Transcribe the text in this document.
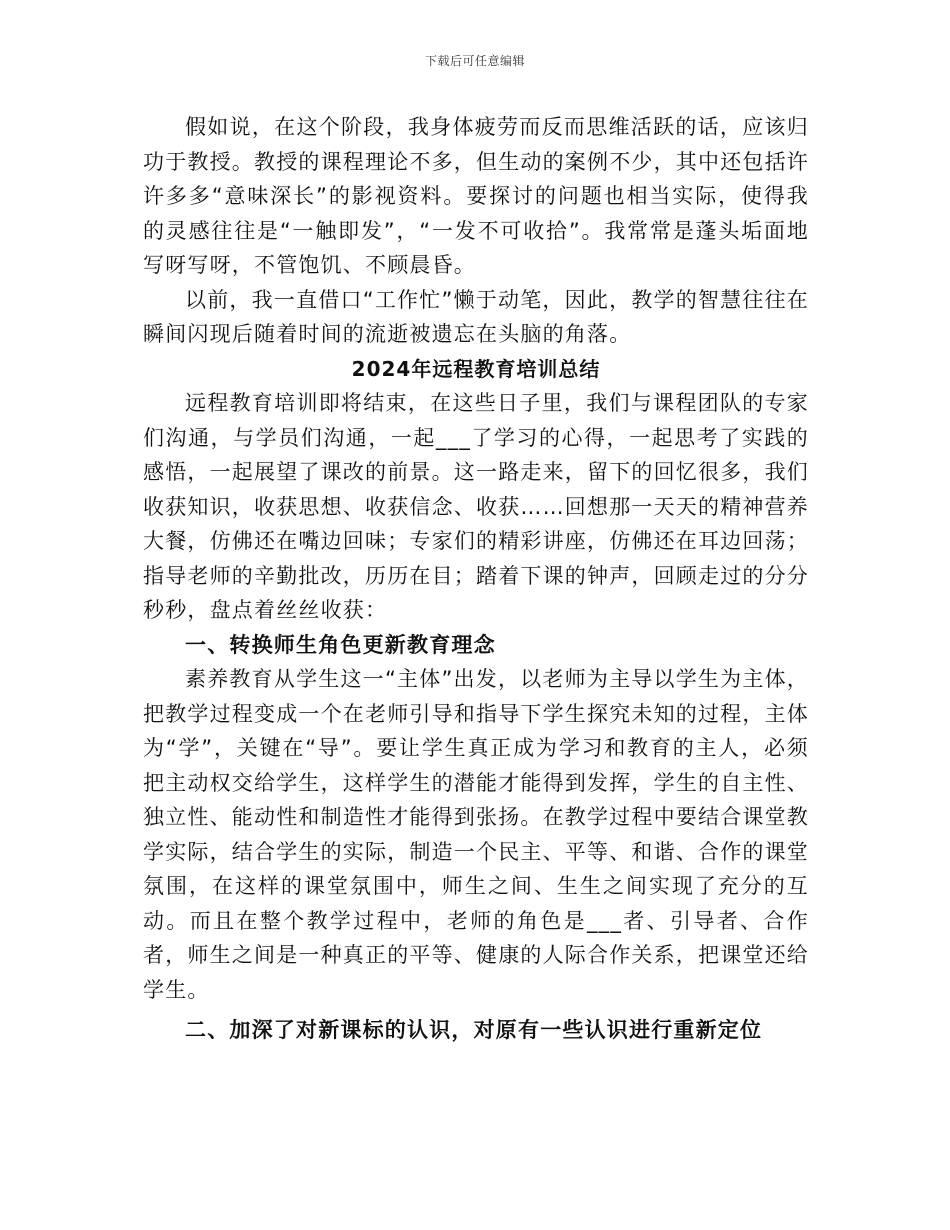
下载后可任意编辑

假如说，在这个阶段，我身体疲劳而反而思维活跃的话，应该归功于教授。教授的课程理论不多，但生动的案例不少，其中还包括许许多多“意味深长”的影视资料。要探讨的问题也相当实际，使得我的灵感往往是“一触即发”，“一发不可收拾”。我常常是蓬头垢面地写呀写呀，不管饱饥、不顾晨昏。

以前，我一直借口“工作忙”懒于动笔，因此，教学的智慧往往在瞬间闪现后随着时间的流逝被遗忘在头脑的角落。

2024年远程教育培训总结

远程教育培训即将结束，在这些日子里，我们与课程团队的专家们沟通，与学员们沟通，一起___了学习的心得，一起思考了实践的感悟，一起展望了课改的前景。这一路走来，留下的回忆很多，我们收获知识，收获思想、收获信念、收获……回想那一天天的精神营养大餐，仿佛还在嘴边回味；专家们的精彩讲座，仿佛还在耳边回荡；指导老师的辛勤批改，历历在目；踏着下课的钟声，回顾走过的分分秒秒，盘点着丝丝收获：

一、转换师生角色更新教育理念

素养教育从学生这一“主体”出发，以老师为主导以学生为主体，把教学过程变成一个在老师引导和指导下学生探究未知的过程，主体为“学”，关键在“导”。要让学生真正成为学习和教育的主人，必须把主动权交给学生，这样学生的潜能才能得到发挥，学生的自主性、独立性、能动性和制造性才能得到张扬。在教学过程中要结合课堂教学实际，结合学生的实际，制造一个民主、平等、和谐、合作的课堂氛围，在这样的课堂氛围中，师生之间、生生之间实现了充分的互动。而且在整个教学过程中，老师的角色是___者、引导者、合作者，师生之间是一种真正的平等、健康的人际合作关系，把课堂还给学生。

二、加深了对新课标的认识，对原有一些认识进行重新定位
